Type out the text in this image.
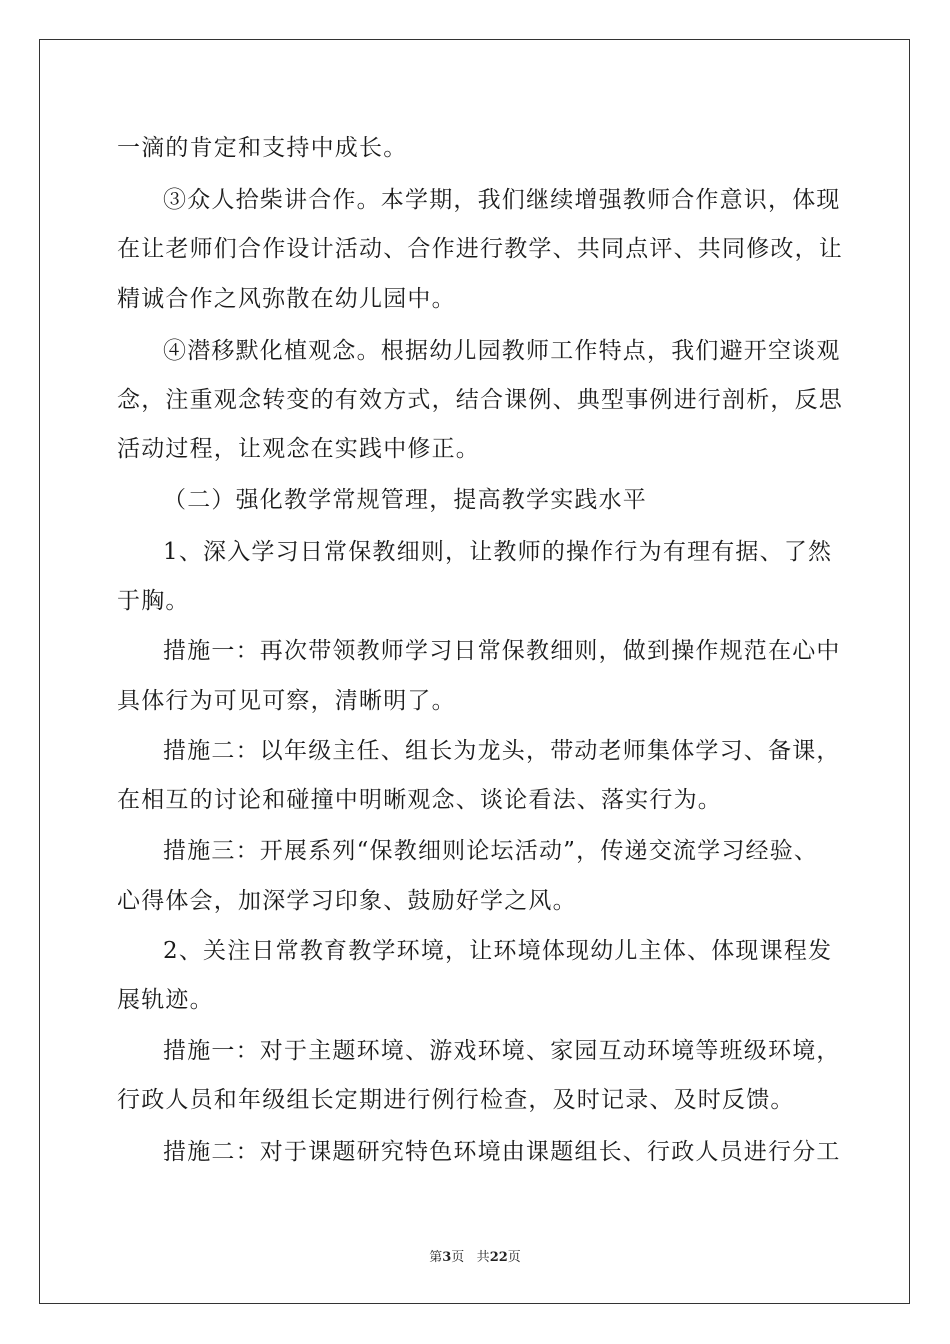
一滴的肯定和支持中成长。
③众人拾柴讲合作。本学期，我们继续增强教师合作意识，体现
在让老师们合作设计活动、合作进行教学、共同点评、共同修改，让
精诚合作之风弥散在幼儿园中。
④潜移默化植观念。根据幼儿园教师工作特点，我们避开空谈观
念，注重观念转变的有效方式，结合课例、典型事例进行剖析，反思
活动过程，让观念在实践中修正。
（二）强化教学常规管理，提高教学实践水平
1、深入学习日常保教细则，让教师的操作行为有理有据、了然
于胸。
措施一：再次带领教师学习日常保教细则，做到操作规范在心中
具体行为可见可察，清晰明了。
措施二：以年级主任、组长为龙头，带动老师集体学习、备课，
在相互的讨论和碰撞中明晰观念、谈论看法、落实行为。
措施三：开展系列“保教细则论坛活动”，传递交流学习经验、
心得体会，加深学习印象、鼓励好学之风。
2、关注日常教育教学环境，让环境体现幼儿主体、体现课程发
展轨迹。
措施一：对于主题环境、游戏环境、家园互动环境等班级环境，
行政人员和年级组长定期进行例行检查，及时记录、及时反馈。
措施二：对于课题研究特色环境由课题组长、行政人员进行分工
第3页 共22页
